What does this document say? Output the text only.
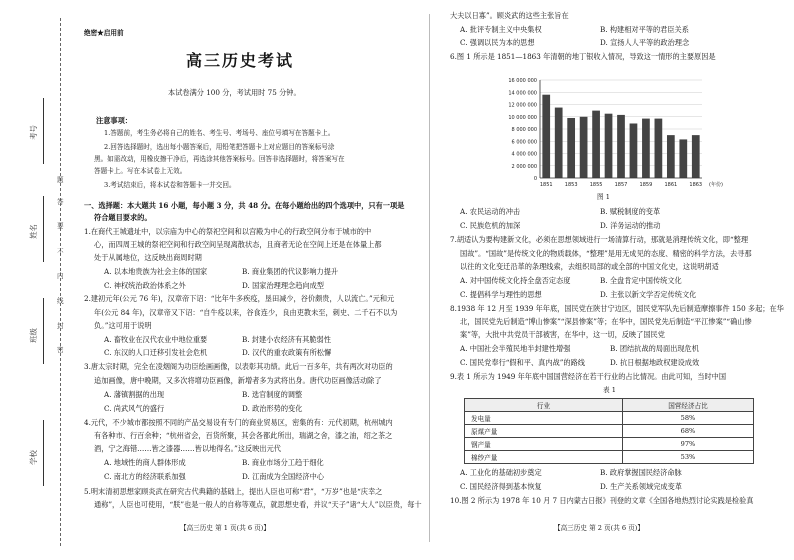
考号
姓名
班级
学校
题
答
要
不
内
线
封
密
绝密★启用前
高三历史考试
本试卷满分 100 分，考试用时 75 分钟。
注意事项：
1.答题前，考生务必将自己的姓名、考生号、考场号、座位号填写在答题卡上。
2.回答选择题时，选出每小题答案后，用铅笔把答题卡上对应题目的答案标号涂
黑。如需改动，用橡皮擦干净后，再选涂其他答案标号。回答非选择题时，将答案写在
答题卡上。写在本试卷上无效。
3.考试结束后，将本试卷和答题卡一并交回。
一、选择题：本大题共 16 小题，每小题 3 分，共 48 分。在每小题给出的四个选项中，只有一项是
符合题目要求的。
1.在商代王城遗址中，以宗庙为中心的祭祀空间和以宫殿为中心的行政空间分布于城市的中
心，而四周王城的祭祀空间和行政空间呈现离散状态，且商者无论在空间上还是在体量上都
处于从属地位，这反映出商周时期
A. 以本地贵族为社会主体的国家	B. 商业集团的代议影响力提升
C. 神权统治政治体系之外	D. 国家治理理念趋向成型
2.建初元年(公元 76 年)，汉章帝下诏：“比年牛多疾疫，垦田减少，谷价颇贵，人以流亡。”元和元
年(公元 84 年)，汉章帝又下诏：“自牛疫以来，谷食连少，良由吏教未至，刺史、二千石不以为
负。”这可用于说明
A. 畜牧业在汉代农业中地位重要	B. 封建小农经济有其脆弱性
C. 东汉的人口迁移引发社会危机	D. 汉代的重农政策有所松懈
3.唐太宗时期，完全在凌烟阁为功臣绘画画像，以表彰其功绩。此后一百多年，共有两次对功臣的
追加画像，唐中晚期，又多次将增功臣画像，新增者多为武将出身。唐代功臣画像活动除了
A. 藩镇割据的出现	B. 选官制度的调整
C. 尚武风气的盛行	D. 政治形势的变化
4.元代，不少城市都按照不同的产品交易设有专门的商业贸易区，密集的有：元代初期，杭州城内
有各种市、行百余种；“杭州省会，百货所聚，其会各都此所出，瑞湖之舍，漆之油，绍之茶之
酒，宁之海错……皆之漆器……皆以地得名。”这反映出元代
A. 地域性的商人群体形成	B. 商业市场分工趋于细化
C. 南北方的经济联系加强	D. 江南成为全国经济中心
5.明末清初思想家顾炎武在研究古代典籍的基础上，提出人臣也可称“君”，“万岁”也是“庆幸之
通称”，人臣也可使用，“朕”也是一般人的自称等观点，就思想史看，并议“天子”诸“大人”以臣贵，每十
【高三历史 第 1 页(共 6 页)】
大夫以日寡”。顾炎武的这些主张旨在
A. 批评专制主义中央集权	B. 构建相对平等的君臣关系
C. 强调以民为本的思想	D. 宣扬人人平等的政治理念
6.图 1 所示是 1851—1863 年清朝的地丁银收入情况，导致这一情形的主要原因是
16 000 000
14 000 000
12 000 000
10 000 000
8 000 000
6 000 000
4 000 000
2 000 000
0
1851 1853 1855 1857 1859 1861 1863 (年份)
图 1
A. 农民运动的冲击	B. 赋税制度的变革
C. 民族危机的加深	D. 洋务运动的推动
7.胡适认为要构建新文化，必须在思想领域进行一场清算行动，那就是消理传统文化，即“整理
国故”。“国故”是传统文化的物质载体，“整理”是用无成见的态度、精密的科学方法，去寻那
以往的文化变迁沿革的条理线索，去组织局部的或全部的中国文化史，这说明胡适
A. 对中国传统文化持全盘否定态度	B. 全盘肯定中国传统文化
C. 提倡科学与理性的思想	D. 主张以新文学否定传统文化
8.1938 年 12 月至 1939 年年底，国民党在陕甘宁边区，国民党军队先后制造摩擦事件 150 多起；在华
北，国民党先后制造“博山惨案”“深县惨案”等；在华中，国民党先后制造“平江惨案”“确山惨
案”等，大批中共党员干部被害，在华中，这一切，反映了国民党
A. 中国社会半殖民地半封建性增强	B. 团结抗战的局面出现危机
C. 国民党奉行“假和平、真内战”的路线	D. 抗日根据地政权建设成效
9.表 1 所示为 1949 年年底中国国营经济在若干行业的占比情况。由此可知，当时中国
表 1
行业	国营经济占比
发电量	58%
原煤产量	68%
钢产量	97%
棉纱产量	53%
A. 工业化的基础初步奠定	B. 政府掌握国民经济命脉
C. 国民经济得到基本恢复	D. 生产关系领域完成变革
10.图 2 所示为 1978 年 10 月 7 日内蒙古日报》刊登的文章《全国各地热烈讨论实践是检验真
【高三历史 第 2 页(共 6 页)】
